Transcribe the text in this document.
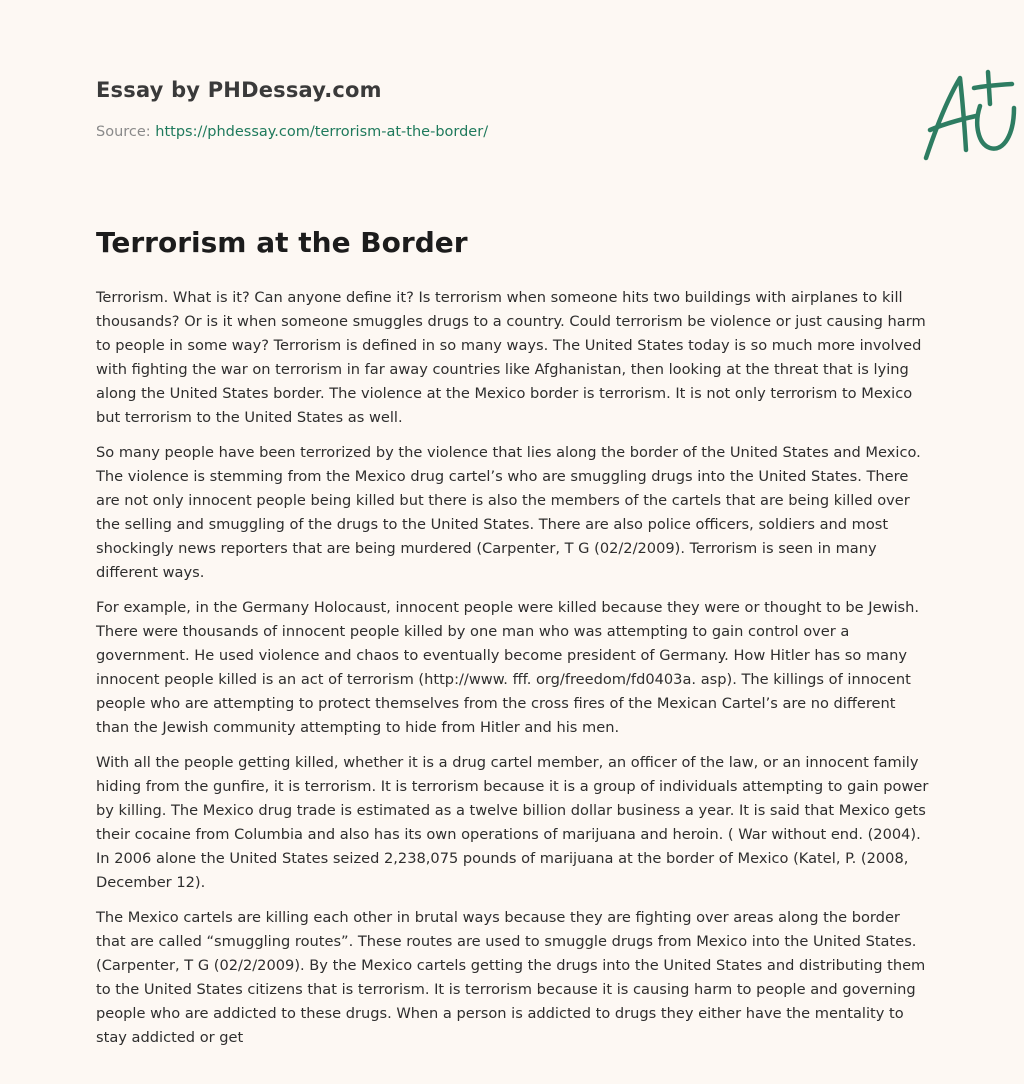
Essay by PHDessay.com
Source: https://phdessay.com/terrorism-at-the-border/
Terrorism at the Border

Terrorism. What is it? Can anyone define it? Is terrorism when someone hits two buildings with airplanes to kill thousands? Or is it when someone smuggles drugs to a country. Could terrorism be violence or just causing harm to people in some way? Terrorism is defined in so many ways. The United States today is so much more involved with fighting the war on terrorism in far away countries like Afghanistan, then looking at the threat that is lying along the United States border. The violence at the Mexico border is terrorism. It is not only terrorism to Mexico but terrorism to the United States as well.

So many people have been terrorized by the violence that lies along the border of the United States and Mexico. The violence is stemming from the Mexico drug cartel’s who are smuggling drugs into the United States. There are not only innocent people being killed but there is also the members of the cartels that are being killed over the selling and smuggling of the drugs to the United States. There are also police officers, soldiers and most shockingly news reporters that are being murdered (Carpenter, T G (02/2/2009). Terrorism is seen in many different ways.

For example, in the Germany Holocaust, innocent people were killed because they were or thought to be Jewish. There were thousands of innocent people killed by one man who was attempting to gain control over a government. He used violence and chaos to eventually become president of Germany. How Hitler has so many innocent people killed is an act of terrorism (http://www. fff. org/freedom/fd0403a. asp). The killings of innocent people who are attempting to protect themselves from the cross fires of the Mexican Cartel’s are no different than the Jewish community attempting to hide from Hitler and his men.

With all the people getting killed, whether it is a drug cartel member, an officer of the law, or an innocent family hiding from the gunfire, it is terrorism. It is terrorism because it is a group of individuals attempting to gain power by killing. The Mexico drug trade is estimated as a twelve billion dollar business a year. It is said that Mexico gets their cocaine from Columbia and also has its own operations of marijuana and heroin. ( War without end. (2004). In 2006 alone the United States seized 2,238,075 pounds of marijuana at the border of Mexico (Katel, P. (2008, December 12).

The Mexico cartels are killing each other in brutal ways because they are fighting over areas along the border that are called “smuggling routes”. These routes are used to smuggle drugs from Mexico into the United States. (Carpenter, T G (02/2/2009). By the Mexico cartels getting the drugs into the United States and distributing them to the United States citizens that is terrorism. It is terrorism because it is causing harm to people and governing people who are addicted to these drugs. When a person is addicted to drugs they either have the mentality to stay addicted or get
